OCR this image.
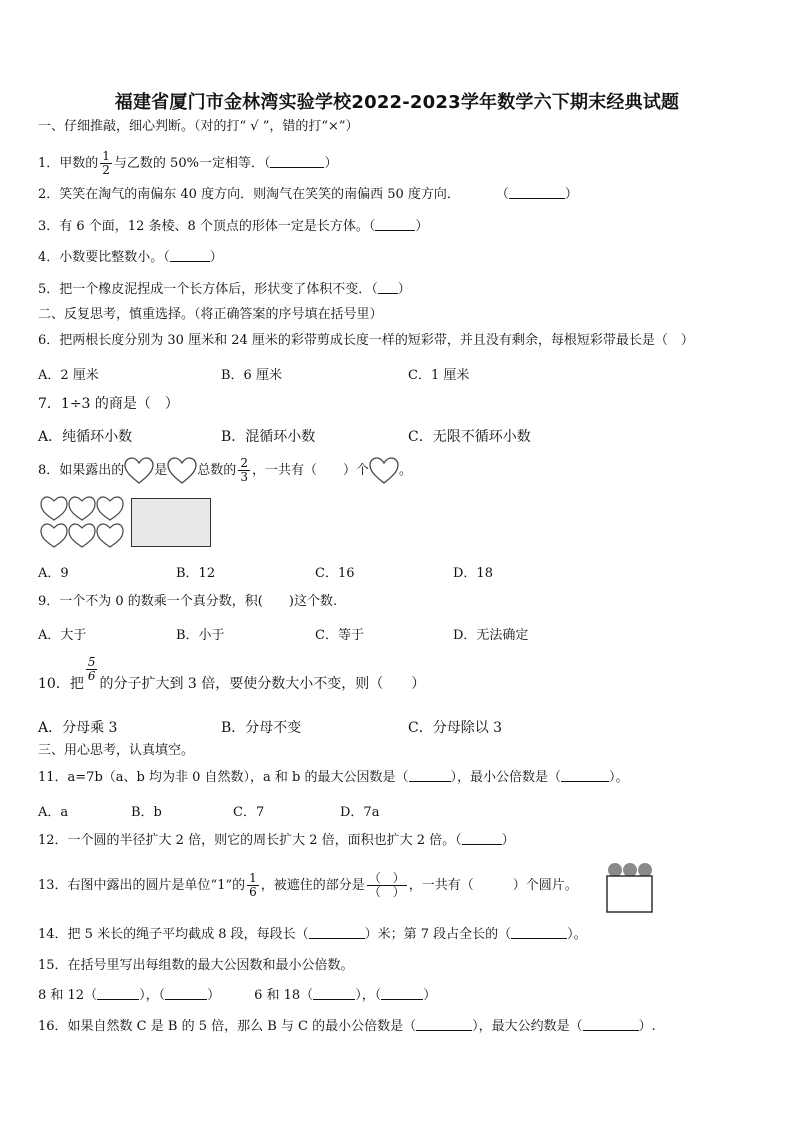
福建省厦门市金林湾实验学校2022-2023学年数学六下期末经典试题
一、仔细推敲，细心判断。（对的打“ √ ”，错的打“×”）
1．甲数的 $\frac{1}{2}$ 与乙数的 50%一定相等．（	）
2．笑笑在淘气的南偏东 40 度方向．则淘气在笑笑的南偏西 50 度方向．	（	）
3．有 6 个面，12 条棱、8 个顶点的形体一定是长方体。（	）
4．小数要比整数小。（	）
5．把一个橡皮泥捏成一个长方体后，形状变了体积不变．（ ）
二、反复思考，慎重选择。（将正确答案的序号填在括号里）
6．把两根长度分别为 30 厘米和 24 厘米的彩带剪成长度一样的短彩带，并且没有剩余，每根短彩带最长是（　）
A．2 厘米	B．6 厘米	C．1 厘米
7．1÷3 的商是（　）
A．纯循环小数	B．混循环小数	C．无限不循环小数
8．如果露出的 是 总数的 $\frac{2}{3}$ ，一共有（　　）个 。
A．9	B．12	C．16	D．18
9．一个不为 0 的数乘一个真分数，积(　　)这个数.
A．大于	B．小于	C．等于	D．无法确定
10．把
$\frac{5}{6}$
的分子扩大到 3 倍，要使分数大小不变，则（　　）
A．分母乘 3	B．分母不变	C．分母除以 3
三、用心思考，认真填空。
11．a=7b（a、b 均为非 0 自然数），a 和 b 的最大公因数是（	），最小公倍数是（	）。
A．a	B．b	C．7	D．7a
12．一个圆的半径扩大 2 倍，则它的周长扩大 2 倍，面积也扩大 2 倍。（	）
13．右图中露出的圆片是单位“1”的 $\frac{1}{6}$ ，被遮住的部分是 $\frac{( )}{( )}$ ，一共有（　　　）个圆片。
14．把 5 米长的绳子平均截成 8 段，每段长（	）米；第 7 段占全长的（	）。
15．在括号里写出每组数的最大公因数和最小公倍数。
8 和 12（	），（	）	6 和 18（	），（	）
16．如果自然数 C 是 B 的 5 倍，那么 B 与 C 的最小公倍数是（	），最大公约数是（	）.
